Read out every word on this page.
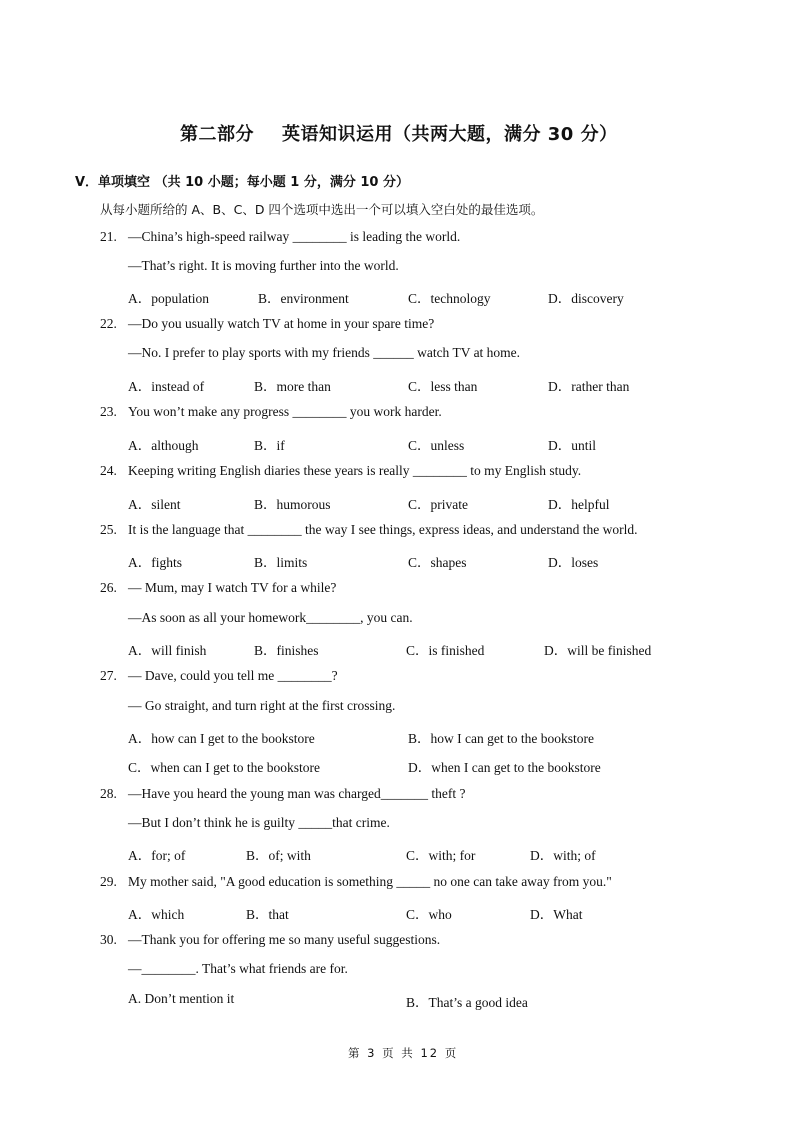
第二部分 英语知识运用（共两大题，满分 30 分）
V．单项填空 （共 10 小题；每小题 1 分，满分 10 分）
从每小题所给的 A、B、C、D 四个选项中选出一个可以填入空白处的最佳选项。
21. —China’s high-speed railway ________ is leading the world.
—That’s right. It is moving further into the world.
A．population	B．environment	C．technology	D．discovery
22. —Do you usually watch TV at home in your spare time?
—No. I prefer to play sports with my friends ______ watch TV at home.
A．instead of	B．more than	C．less than	D．rather than
23. You won’t make any progress ________ you work harder.
A．although	B．if	C．unless	D．until
24. Keeping writing English diaries these years is really ________ to my English study.
A．silent	B．humorous	C．private	D．helpful
25. It is the language that ________ the way I see things, express ideas, and understand the world.
A．fights	B．limits	C．shapes	D．loses
26. — Mum, may I watch TV for a while?
—As soon as all your homework________, you can.
A．will finish	B．finishes	C．is finished	D．will be finished
27. — Dave, could you tell me ________?
— Go straight, and turn right at the first crossing.
A．how can I get to the bookstore	B．how I can get to the bookstore
C．when can I get to the bookstore	D．when I can get to the bookstore
28. —Have you heard the young man was charged_______ theft ?
—But I don’t think he is guilty _____that crime.
A．for; of	B．of; with	C．with; for	D．with; of
29. My mother said, "A good education is something _____ no one can take away from you."
A．which	B．that	C．who	D．What
30. —Thank you for offering me so many useful suggestions.
—________. That’s what friends are for.
A. Don’t mention it	B．That’s a good idea
第 3 页 共 12 页
